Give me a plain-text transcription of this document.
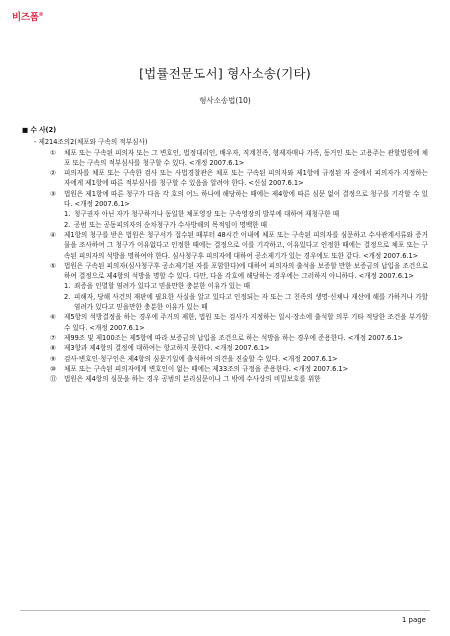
비즈폼®
[법률전문도서] 형사소송(기타)
형사소송법(10)
■ 수 사(2)
- 제214조의2(체포와 구속의 적부심사)
①	체포 또는 구속된 피의자 또는 그 변호인, 법정대리인, 배우자, 직계친족, 형제자매나 가족, 동거인 또는 고용주는 관할법원에 체포 또는 구속의 적부심사를 청구할 수 있다. <개정 2007.6.1>
②	피의자를 체포 또는 구속한 검사 또는 사법경찰관은 체포 또는 구속된 피의자와 제1항에 규정된 자 중에서 피의자가 지정하는 자에게 제1항에 따른 적부심사를 청구할 수 있음을 알려야 한다. <신설 2007.6.1>
③	법원은 제1항에 따른 청구가 다음 각 호의 어느 하나에 해당하는 때에는 제4항에 따른 심문 없이 결정으로 청구를 기각할 수 있다. <개정 2007.6.1>
1. 청구권자 아닌 자가 청구하거나 동일한 체포영장 또는 구속영장의 발부에 대하여 재청구한 때
2. 공범 또는 공동피의자의 순차청구가 수사방해의 목적임이 명백한 때
④	제1항의 청구를 받은 법원은 청구서가 접수된 때부터 48시간 이내에 체포 또는 구속된 피의자를 심문하고 수사관계서류와 증거물을 조사하여 그 청구가 이유없다고 인정한 때에는 결정으로 이를 기각하고, 이유있다고 인정한 때에는 결정으로 체포 또는 구속된 피의자의 석방을 명하여야 한다. 심사청구후 피의자에 대하여 공소제기가 있는 경우에도 또한 같다. <개정 2007.6.1>
⑤	법원은 구속된 피의자(심사청구후 공소제기된 자를 포함한다)에 대하여 피의자의 출석을 보증할 만한 보증금의 납입을 조건으로 하여 결정으로 제4항의 석방을 명할 수 있다. 다만, 다음 각호에 해당하는 경우에는 그러하지 아니하다. <개정 2007.6.1>
1. 죄증을 인멸할 염려가 있다고 믿을만한 충분한 이유가 있는 때
2. 피해자, 당해 사건의 재판에 필요한 사실을 알고 있다고 인정되는 자 또는 그 친족의 생명·신체나 재산에 해를 가하거나 가할 염려가 있다고 믿을만한 충분한 이유가 있는 때
⑥	제5항의 석방결정을 하는 경우에 주거의 제한, 법원 또는 검사가 지정하는 일시·장소에 출석할 의무 기타 적당한 조건을 부가할 수 있다. <개정 2007.6.1>
⑦	제99조 및 제100조는 제5항에 따라 보증금의 납입을 조건으로 하는 석방을 하는 경우에 준용한다. <개정 2007.6.1>
⑧	제3항과 제4항의 결정에 대하여는 항고하지 못한다. <개정 2007.6.1>
⑨	검사·변호인·청구인은 제4항의 심문기일에 출석하여 의견을 진술할 수 있다. <개정 2007.6.1>
⑩	체포 또는 구속된 피의자에게 변호인이 없는 때에는 제33조의 규정을 준용한다. <개정 2007.6.1>
⑪	법원은 제4항의 심문을 하는 경우 공범의 분리심문이나 그 밖에 수사상의 비밀보호를 위한
1 page
